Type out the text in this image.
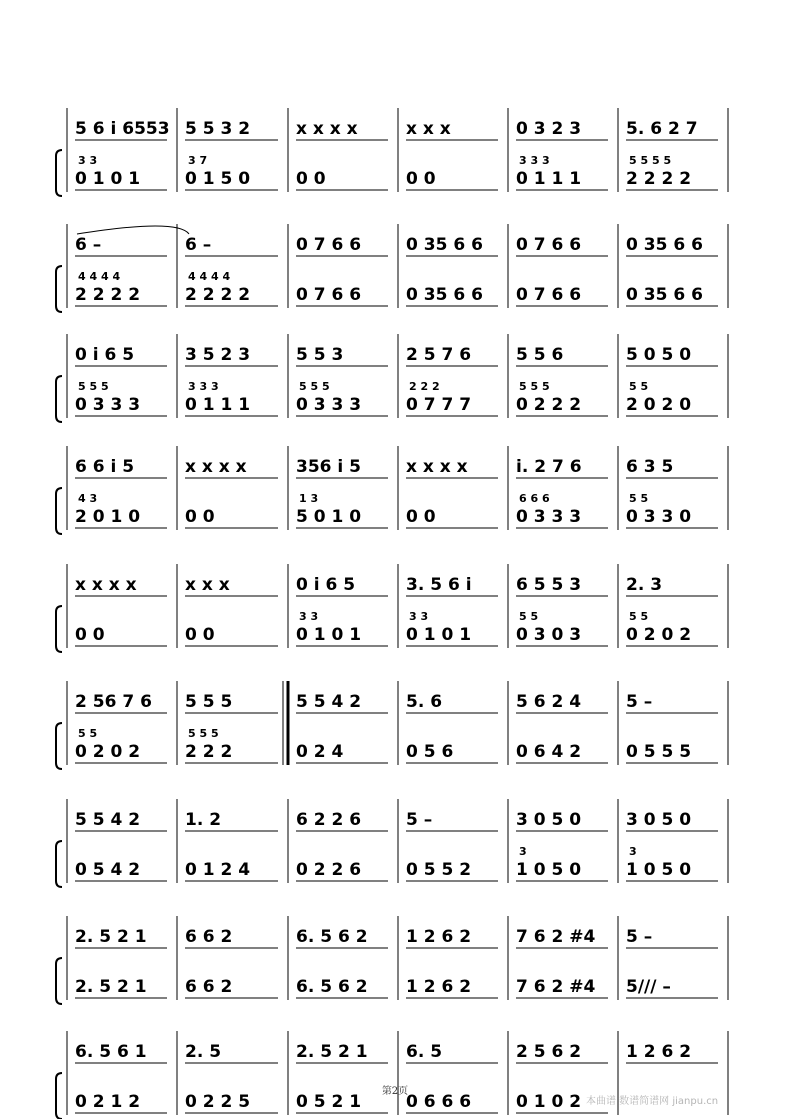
5 6 i 6553
3 3
0 1 0 1
5 5 3 2
3 7
0 1 5 0
x x x x
0 0
x x x
0 0
0 3 2 3
3 3 3
0 1 1 1
5. 6 2 7
5 5 5 5
2 2 2 2
6 –
4 4 4 4
2 2 2 2
6 –
4 4 4 4
2 2 2 2
0 7 6 6
0 7 6 6
0 35 6 6
0 35 6 6
0 7 6 6
0 7 6 6
0 35 6 6
0 35 6 6
0 i 6 5
5 5 5
0 3 3 3
3 5 2 3
3 3 3
0 1 1 1
5 5 3
5 5 5
0 3 3 3
2 5 7 6
2 2 2
0 7 7 7
5 5 6
5 5 5
0 2 2 2
5 0 5 0
5 5
2 0 2 0
6 6 i 5
4 3
2 0 1 0
x x x x
0 0
356 i 5
1 3
5 0 1 0
x x x x
0 0
i. 2 7 6
6 6 6
0 3 3 3
6 3 5
5 5
0 3 3 0
x x x x
0 0
x x x
0 0
0 i 6 5
3 3
0 1 0 1
3. 5 6 i
3 3
0 1 0 1
6 5 5 3
5 5
0 3 0 3
2. 3
5 5
0 2 0 2
2 56 7 6
5 5
0 2 0 2
5 5 5
5 5 5
2 2 2
5 5 4 2
0 2 4
5. 6
0 5 6
5 6 2 4
0 6 4 2
5 –
0 5 5 5
5 5 4 2
0 5 4 2
1. 2
0 1 2 4
6 2 2 6
0 2 2 6
5 –
0 5 5 2
3 0 5 0
3
1 0 5 0
3 0 5 0
3
1 0 5 0
2. 5 2 1
2. 5 2 1
6 6 2
6 6 2
6. 5 6 2
6. 5 6 2
1 2 6 2
1 2 6 2
7 6 2 #4
7 6 2 #4
5 –
5/// –
6. 5 6 1
0 2 1 2
2. 5
0 2 2 5
2. 5 2 1
0 5 2 1
6. 5
0 6 6 6
2 5 6 2
0 1 0 2
1 2 6 2
第2页
本曲谱 数谱简谱网 jianpu.cn
